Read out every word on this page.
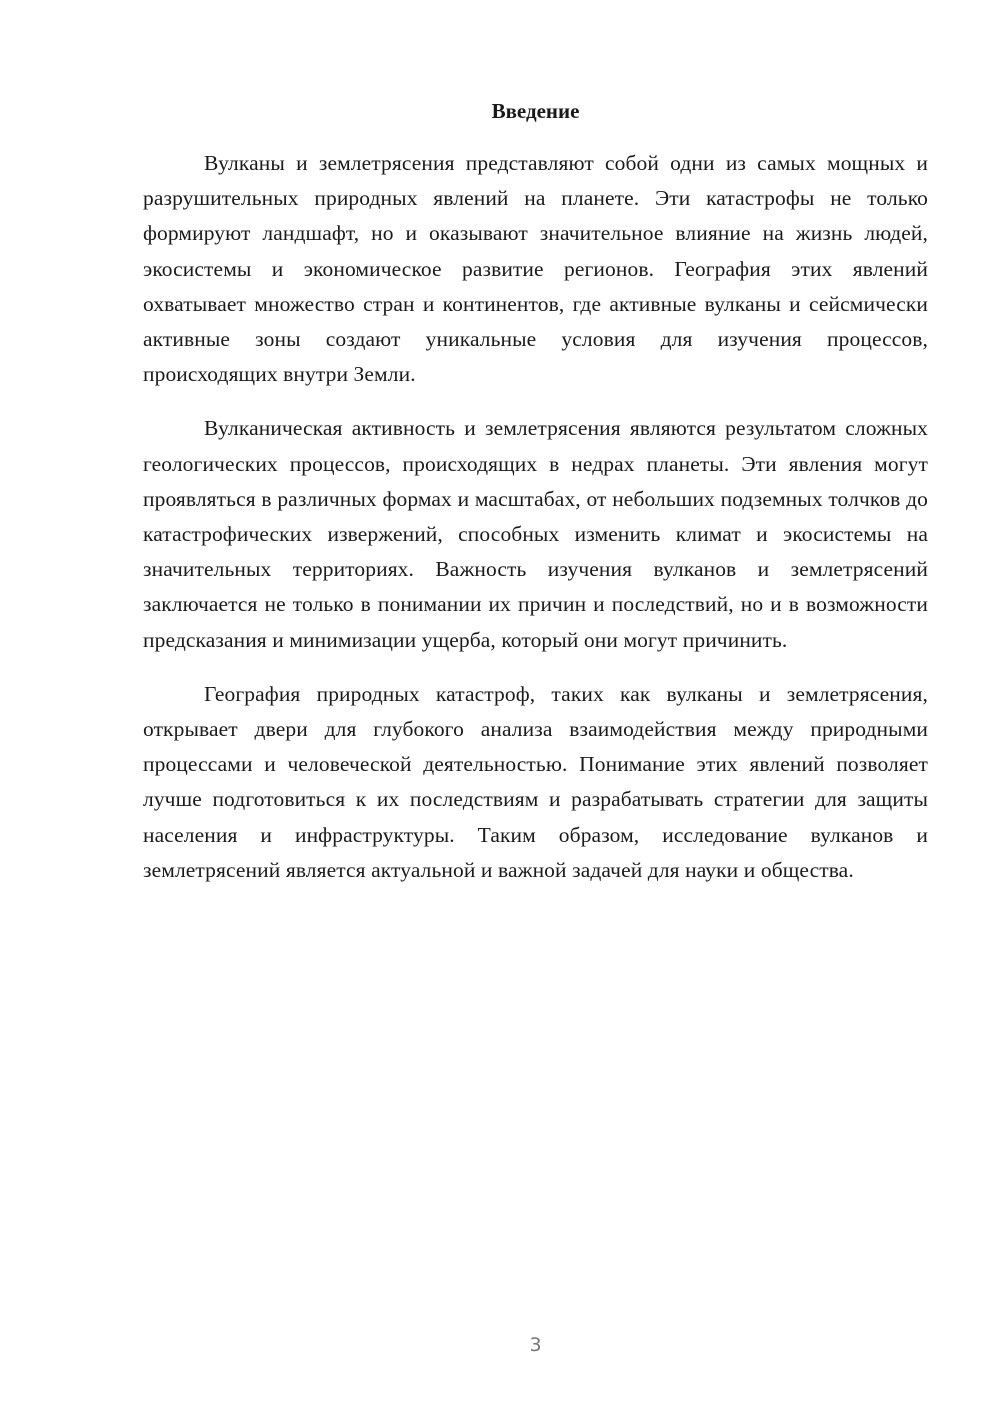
Введение

Вулканы и землетрясения представляют собой одни из самых мощных и разрушительных природных явлений на планете. Эти катастрофы не только формируют ландшафт, но и оказывают значительное влияние на жизнь людей, экосистемы и экономическое развитие регионов. География этих явлений охватывает множество стран и континентов, где активные вулканы и сейсмически активные зоны создают уникальные условия для изучения процессов, происходящих внутри Земли.

Вулканическая активность и землетрясения являются результатом сложных геологических процессов, происходящих в недрах планеты. Эти явления могут проявляться в различных формах и масштабах, от небольших подземных толчков до катастрофических извержений, способных изменить климат и экосистемы на значительных территориях. Важность изучения вулканов и землетрясений заключается не только в понимании их причин и последствий, но и в возможности предсказания и минимизации ущерба, который они могут причинить.

География природных катастроф, таких как вулканы и землетрясения, открывает двери для глубокого анализа взаимодействия между природными процессами и человеческой деятельностью. Понимание этих явлений позволяет лучше подготовиться к их последствиям и разрабатывать стратегии для защиты населения и инфраструктуры. Таким образом, исследование вулканов и землетрясений является актуальной и важной задачей для науки и общества.

3
